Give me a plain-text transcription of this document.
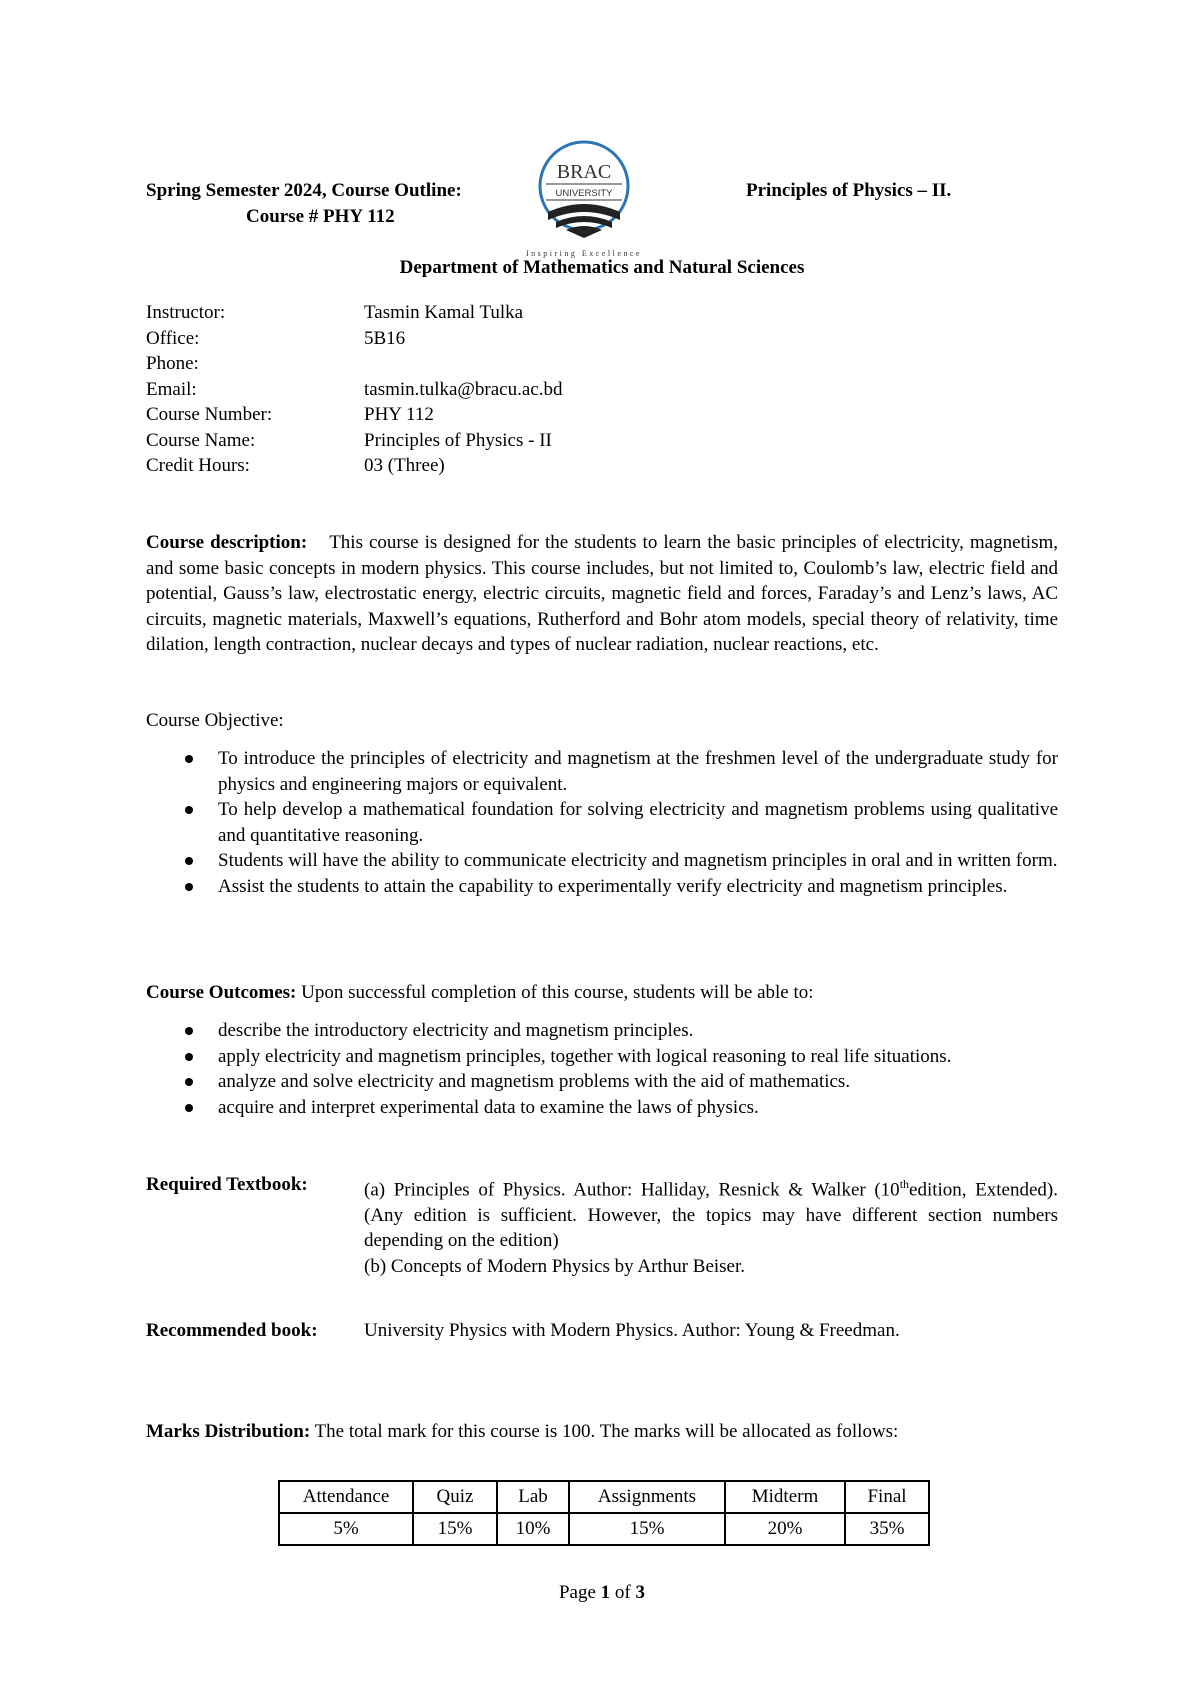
Spring Semester 2024, Course Outline:
Course # PHY 112
Principles of Physics – II.
BRAC
UNIVERSITY
Inspiring Excellence
Department of Mathematics and Natural Sciences
Instructor:	Tasmin Kamal Tulka
Office:	5B16
Phone:
Email:	tasmin.tulka@bracu.ac.bd
Course Number:	PHY 112
Course Name:	Principles of Physics - II
Credit Hours:	03 (Three)
Course description: This course is designed for the students to learn the basic principles of electricity, magnetism, and some basic concepts in modern physics. This course includes, but not limited to, Coulomb’s law, electric field and potential, Gauss’s law, electrostatic energy, electric circuits, magnetic field and forces, Faraday’s and Lenz’s laws, AC circuits, magnetic materials, Maxwell’s equations, Rutherford and Bohr atom models, special theory of relativity, time dilation, length contraction, nuclear decays and types of nuclear radiation, nuclear reactions, etc.
Course Objective:
To introduce the principles of electricity and magnetism at the freshmen level of the undergraduate study for physics and engineering majors or equivalent.
To help develop a mathematical foundation for solving electricity and magnetism problems using qualitative and quantitative reasoning.
Students will have the ability to communicate electricity and magnetism principles in oral and in written form.
Assist the students to attain the capability to experimentally verify electricity and magnetism principles.
Course Outcomes: Upon successful completion of this course, students will be able to:
describe the introductory electricity and magnetism principles.
apply electricity and magnetism principles, together with logical reasoning to real life situations.
analyze and solve electricity and magnetism problems with the aid of mathematics.
acquire and interpret experimental data to examine the laws of physics.
Required Textbook:	(a) Principles of Physics. Author: Halliday, Resnick & Walker (10thedition, Extended). (Any edition is sufficient. However, the topics may have different section numbers depending on the edition)
(b) Concepts of Modern Physics by Arthur Beiser.
Recommended book:	University Physics with Modern Physics. Author: Young & Freedman.
Marks Distribution: The total mark for this course is 100. The marks will be allocated as follows:
Attendance	Quiz	Lab	Assignments	Midterm	Final
5%	15%	10%	15%	20%	35%
Page 1 of 3
